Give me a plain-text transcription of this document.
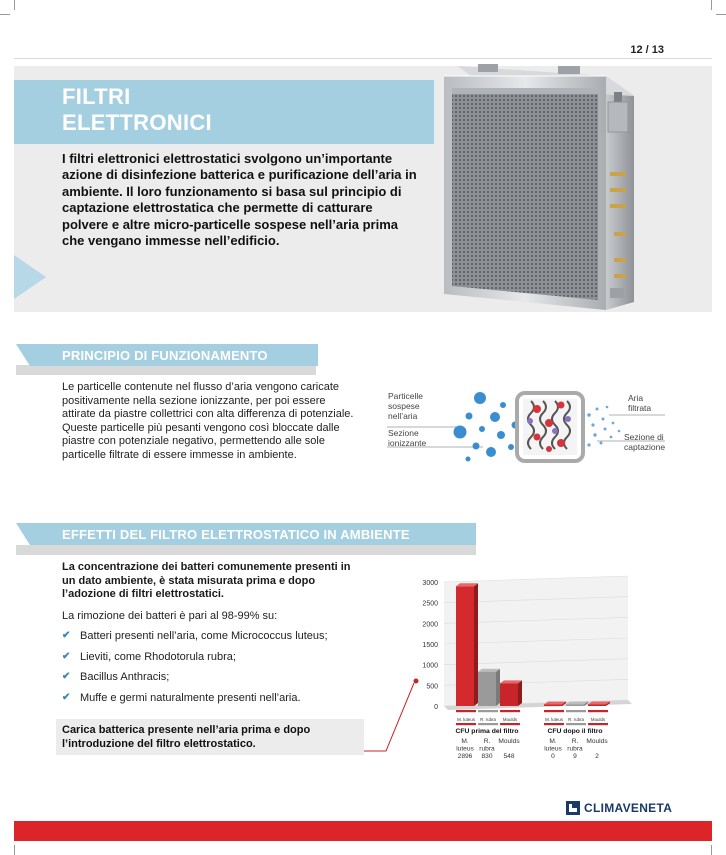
12 / 13
FILTRI
ELETTRONICI
I filtri elettronici elettrostatici svolgono un’importante azione di disinfezione batterica e purificazione dell’aria in ambiente. Il loro funzionamento si basa sul principio di captazione elettrostatica che permette di catturare polvere e altre micro-particelle sospese nell’aria prima che vengano immesse nell’edificio.
PRINCIPIO DI FUNZIONAMENTO
Le particelle contenute nel flusso d’aria vengono caricate positivamente nella sezione ionizzante, per poi essere attirate da piastre collettrici con alta differenza di potenziale. Queste particelle più pesanti vengono così bloccate dalle piastre con potenziale negativo, permettendo alle sole particelle filtrate di essere immesse in ambiente.
Particelle sospese nell’aria
Sezione ionizzante
Aria filtrata
Sezione di captazione
EFFETTI DEL FILTRO ELETTROSTATICO IN AMBIENTE
La concentrazione dei batteri comunemente presenti in un dato ambiente, è stata misurata prima e dopo l’adozione di filtri elettrostatici.
La rimozione dei batteri è pari al 98-99% su:
✔ Batteri presenti nell’aria, come Micrococcus luteus;
✔ Lieviti, come Rhodotorula rubra;
✔ Bacillus Anthracis;
✔ Muffe e germi naturalmente presenti nell’aria.
Carica batterica presente nell’aria prima e dopo l’introduzione del filtro elettrostatico.
3000
2500
2000
1500
1000
500
0
M. luteus R. rubra Moulds
CFU prima del filtro
M.
luteus
2896
R.
rubra
830
Moulds
548
M. luteus R. rubra Moulds
CFU dopo il filtro
M.
luteus
0
R.
rubra
9
Moulds
2
CLIMAVENETA
